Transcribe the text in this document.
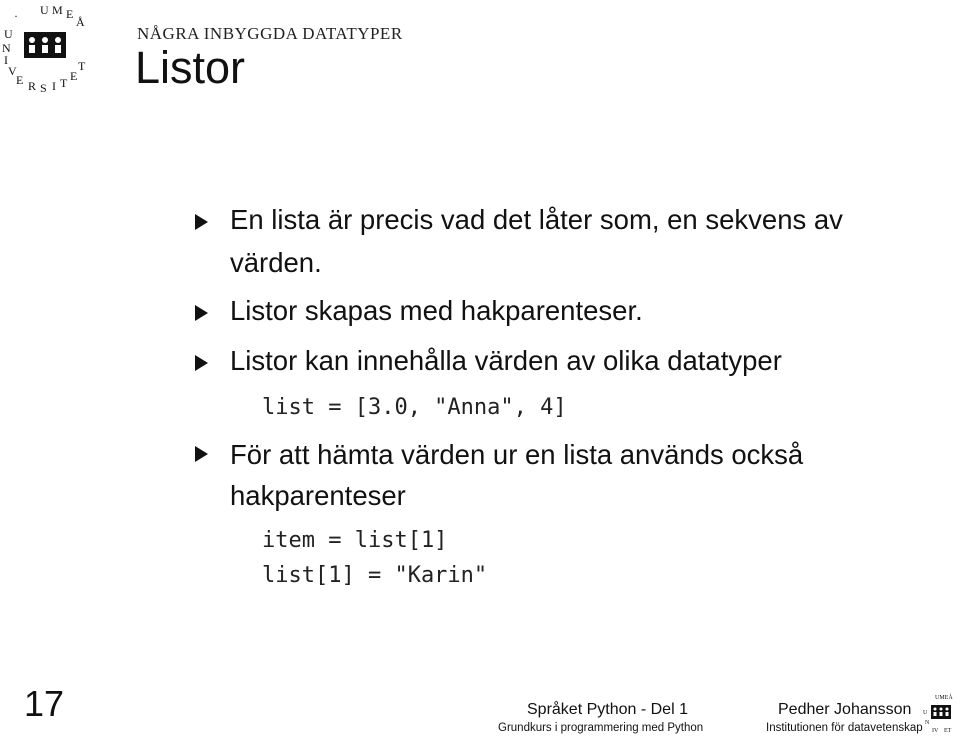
U M E
Å
·
U
N
I
V
E R S I T E
T
NÅGRA INBYGGDA DATATYPER
Listor
En lista är precis vad det låter som, en sekvens av
värden.
Listor skapas med hakparenteser.
Listor kan innehålla värden av olika datatyper
list = [3.0, "Anna", 4]
För att hämta värden ur en lista används också
hakparenteser
item = list[1]
list[1] = "Karin"
17	Språket Python - Del 1
Grundkurs i programmering med Python
Pedher Johansson
Institutionen för datavetenskap
UMEÅ
U
N
IV ET
